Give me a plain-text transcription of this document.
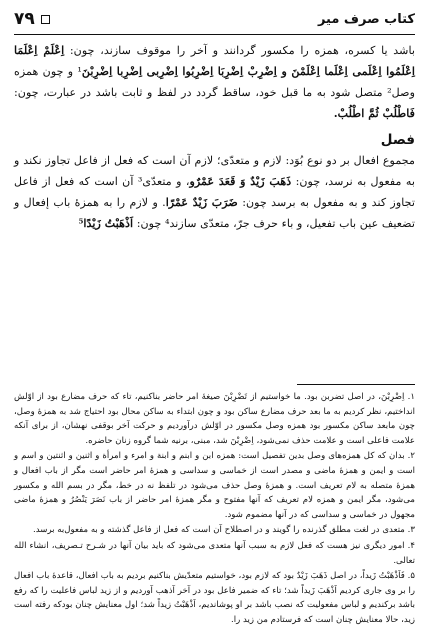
کتاب صرف میر
۷۹

باشد یا کسره، همزه را مکسور گردانند و آخر را موقوف سازند، چون: اِعْلَمْ اِعْلَمَا اِعْلَمُوا اِعْلَمی اِعْلَما اِعْلَمْنَ و اِضْرِبْ اِضْرِبَا اِضْرِبُوا اِضْرِبی اِضْرِبا اِضْرِبْنَ¹ و چون همزه وصل² متصل شود به ما قبل خود، ساقط گردد در لفظ و ثابت باشد در عبارت، چون: فَاطْلُبْ ثُمَّ اطْلُبْ.

فصل

مجموع افعال بر دو نوع بُوَد: لازم و متعدّی؛ لازم آن است که فعل از فاعل تجاوز نکند و به مفعول به نرسد، چون: ذَهَبَ زَیْدٌ وَ قَعَدَ عَمْرٌو، و متعدّی³ آن است که فعل از فاعل تجاوز کند و به مفعول به برسد چون: ضَرَبَ زَیْدٌ عَمْرًا. و لازم را به همزهٔ باب إفعال و تضعیف عین باب تفعیل، و باء حرف جرّ، متعدّی سازند⁴ چون: اَذْهَبْتُ زَیْدًا⁵

۱. اِضْرِبْنَ، در اصل تضربن بود. ما خواستیم از تَضْرِبْنَ صیغهٔ امر حاضر بناکنیم، تاء که حرف مضارع بود از اوّلش انداختیم، نظر کردیم به ما بعد حرف مضارع ساکن بود و چون ابتداء به ساکن محال بود احتیاج شد به همزهٔ وصل، چون مابعد ساکن مکسور بود همزه وصل مکسور در اوّلش درآوردیم و حرکت آخر بوقفی نهشان، از برای آنکه علامت فاعلی است و علامت حذف نمی‌شود، اِضْرِبْنَ شد، مبنی، برنیه شما گروه زنان حاضره.

۲. بدان که کل همزه‌های وصل بدین تفصیل است: همزه ابن و ابنم و ابنة و امرء و امرأة و اثنین و اثنتین و اسم و است و ایمن و همزهٔ ماضی و مصدر است از خماسی و سداسی و همزهٔ امر حاضر است مگر از باب افعال و همزهٔ متصله به لام تعریف است. و همزهٔ وصل حذف می‌شود در تلفظ نه در خط، مگر در بسم الله و مکسور می‌شود، مگر ایمن و همزه لام تعریف که آنها مفتوح و مگر همزهٔ امر حاضر از باب نَصَرَ یَنْصُرُ و همزهٔ ماضی مجهول در خماسی و سداسی که در آنها مضموم شود.

۳. متعدی در لغت مطلق گذرنده را گویند و در اصطلاح آن است که فعل از فاعل گذشته و به مفعول‌به برسد.

۴. امور دیگری نیز هست که فعل لازم به سبب آنها متعدی می‌شود که باید بیان آنها در شـرح تـصریف، انشاء الله تعالی.

۵. فَاَذْهَبْتُ زَیداً، در اصل ذَهَبَ زَیْدٌ بود که لازم بود، خواستیم متعدّیش بناکنیم بردیم به باب افعال، قاعدهٔ باب افعال را بر وی جاری کردیم اَذْهَبَ زَیداً شد؛ تاء که ضمیر فاعل بود در آخر آذهب آوردیم و از زید لباس فاعلیت را که رفع باشد برکندیم و لباس مفعولیت که نصب باشد بر او پوشاندیم، اَذْهَبْتُ زیداً شد؛ اول معنایش چنان بودکه رفته است زید، حالا معنایش چنان است که فرستادم من زید را.
